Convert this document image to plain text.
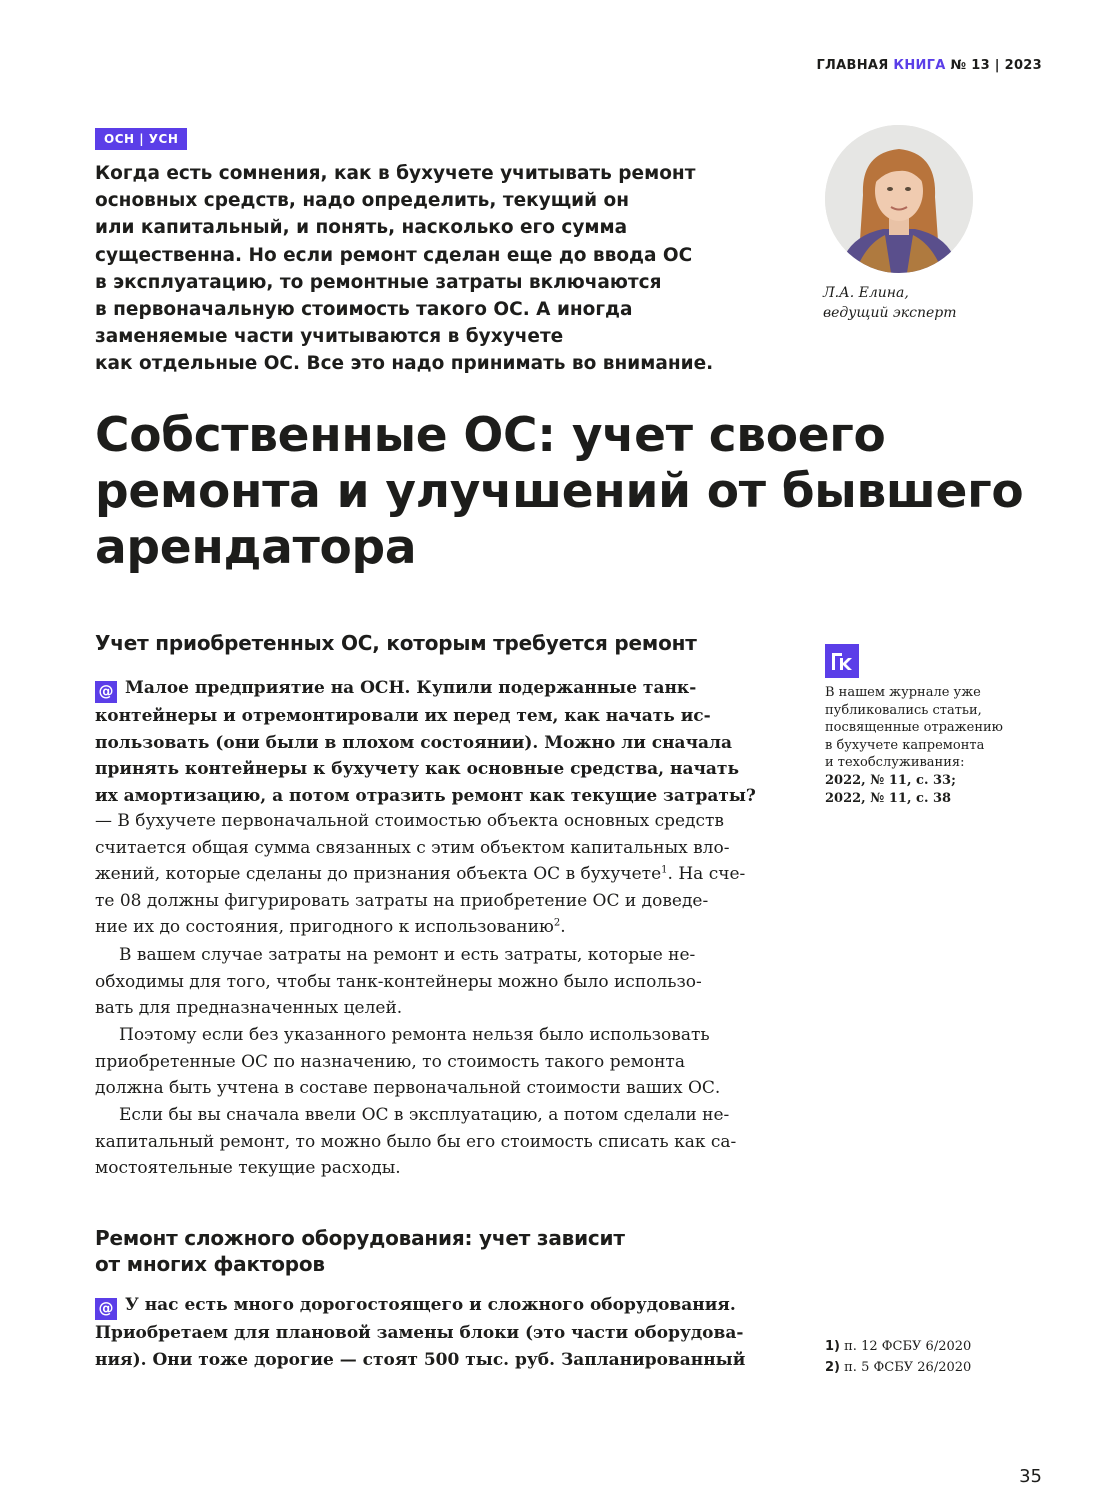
ГЛАВНАЯ КНИГА № 13 | 2023
ОСН | УСН

Когда есть сомнения, как в бухучете учитывать ремонт
основных средств, надо определить, текущий он
или капитальный, и понять, насколько его сумма
существенна. Но если ремонт сделан еще до ввода ОС
в эксплуатацию, то ремонтные затраты включаются
в первоначальную стоимость такого ОС. А иногда
заменяемые части учитываются в бухучете
как отдельные ОС. Все это надо принимать во внимание.

Л.А. Елина,
ведущий эксперт
Собственные ОС: учет своего
ремонта и улучшений от бывшего
арендатора
Учет приобретенных ОС, которым требуется ремонт

@ Малое предприятие на ОСН. Купили подержанные танк-
контейнеры и отремонтировали их перед тем, как начать ис-
пользовать (они были в плохом состоянии). Можно ли сначала
принять контейнеры к бухучету как основные средства, начать
их амортизацию, а потом отразить ремонт как текущие затраты?

— В бухучете первоначальной стоимостью объекта основных средств
считается общая сумма связанных с этим объектом капитальных вло-
жений, которые сделаны до признания объекта ОС в бухучете$^1$. На сче-
те 08 должны фигурировать затраты на приобретение ОС и доведе-
ние их до состояния, пригодного к использованию$^2$.

В вашем случае затраты на ремонт и есть затраты, которые не-
обходимы для того, чтобы танк-контейнеры можно было использо-
вать для предназначенных целей.

Поэтому если без указанного ремонта нельзя было использовать
приобретенные ОС по назначению, то стоимость такого ремонта
должна быть учтена в составе первоначальной стоимости ваших ОС.

Если бы вы сначала ввели ОС в эксплуатацию, а потом сделали не-
капитальный ремонт, то можно было бы его стоимость списать как са-
мостоятельные текущие расходы.

Ремонт сложного оборудования: учет зависит
от многих факторов

@ У нас есть много дорогостоящего и сложного оборудования.
Приобретаем для плановой замены блоки (это части оборудова-
ния). Они тоже дорогие — стоят 500 тыс. руб. Запланированный

В нашем журнале уже
публиковались статьи,
посвященные отражению
в бухучете капремонта
и техобслуживания:
2022, № 11, с. 33;
2022, № 11, с. 38
1) п. 12 ФСБУ 6/2020
2) п. 5 ФСБУ 26/2020
35
